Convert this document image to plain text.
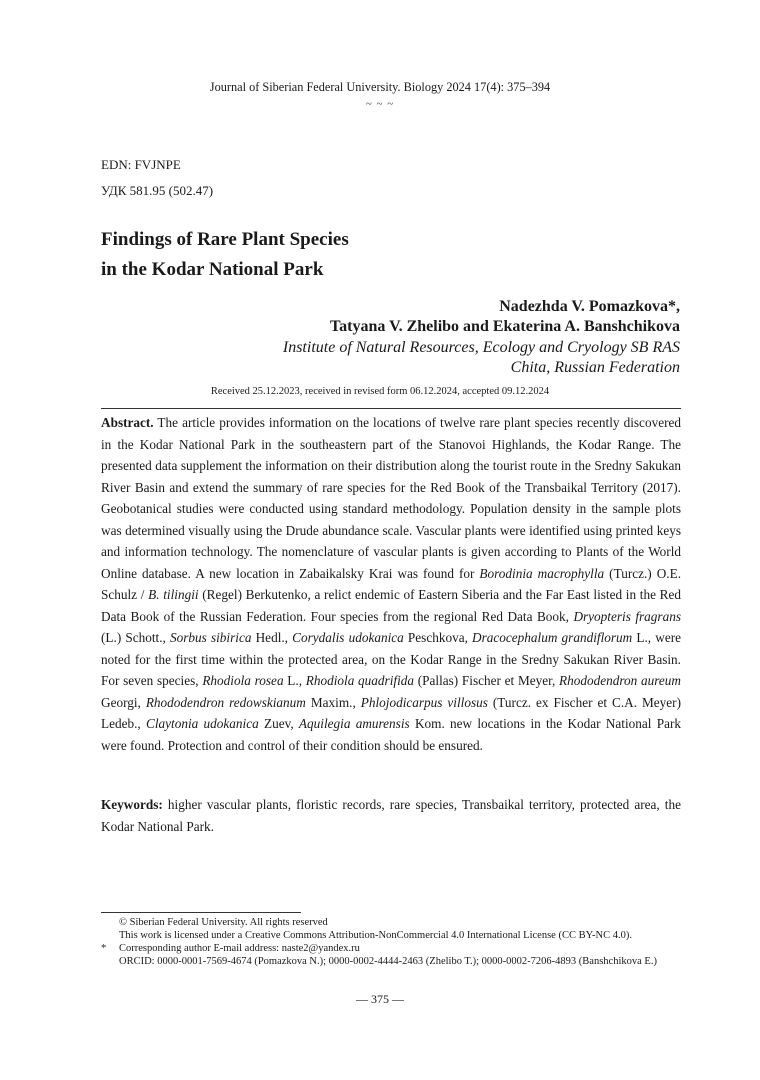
Journal of Siberian Federal University. Biology 2024 17(4): 375–394
~ ~ ~
EDN: FVJNPE
УДК 581.95 (502.47)
Findings of Rare Plant Species
in the Kodar National Park
Nadezhda V. Pomazkova*,
Tatyana V. Zhelibo and Ekaterina A. Banshchikova
Institute of Natural Resources, Ecology and Cryology SB RAS
Chita, Russian Federation
Received 25.12.2023, received in revised form 06.12.2024, accepted 09.12.2024
Abstract. The article provides information on the locations of twelve rare plant species recently discovered in the Kodar National Park in the southeastern part of the Stanovoi Highlands, the Kodar Range. The presented data supplement the information on their distribution along the tourist route in the Sredny Sakukan River Basin and extend the summary of rare species for the Red Book of the Transbaikal Territory (2017). Geobotanical studies were conducted using standard methodology. Population density in the sample plots was determined visually using the Drude abundance scale. Vascular plants were identified using printed keys and information technology. The nomenclature of vascular plants is given according to Plants of the World Online database. A new location in Zabaikalsky Krai was found for Borodinia macrophylla (Turcz.) O.E. Schulz / B. tilingii (Regel) Berkutenko, a relict endemic of Eastern Siberia and the Far East listed in the Red Data Book of the Russian Federation. Four species from the regional Red Data Book, Dryopteris fragrans (L.) Schott., Sorbus sibirica Hedl., Corydalis udokanica Peschkova, Dracocephalum grandiflorum L., were noted for the first time within the protected area, on the Kodar Range in the Sredny Sakukan River Basin. For seven species, Rhodiola rosea L., Rhodiola quadrifida (Pallas) Fischer et Meyer, Rhododendron aureum Georgi, Rhododendron redowskianum Maxim., Phlojodicarpus villosus (Turcz. ex Fischer et C.A. Meyer) Ledeb., Claytonia udokanica Zuev, Aquilegia amurensis Kom. new locations in the Kodar National Park were found. Protection and control of their condition should be ensured.
Keywords: higher vascular plants, floristic records, rare species, Transbaikal territory, protected area, the Kodar National Park.
© Siberian Federal University. All rights reserved
This work is licensed under a Creative Commons Attribution-NonCommercial 4.0 International License (CC BY-NC 4.0).
* Corresponding author E-mail address: naste2@yandex.ru
ORCID: 0000-0001-7569-4674 (Pomazkova N.); 0000-0002-4444-2463 (Zhelibo T.); 0000-0002-7206-4893 (Banshchikova E.)
— 375 —
